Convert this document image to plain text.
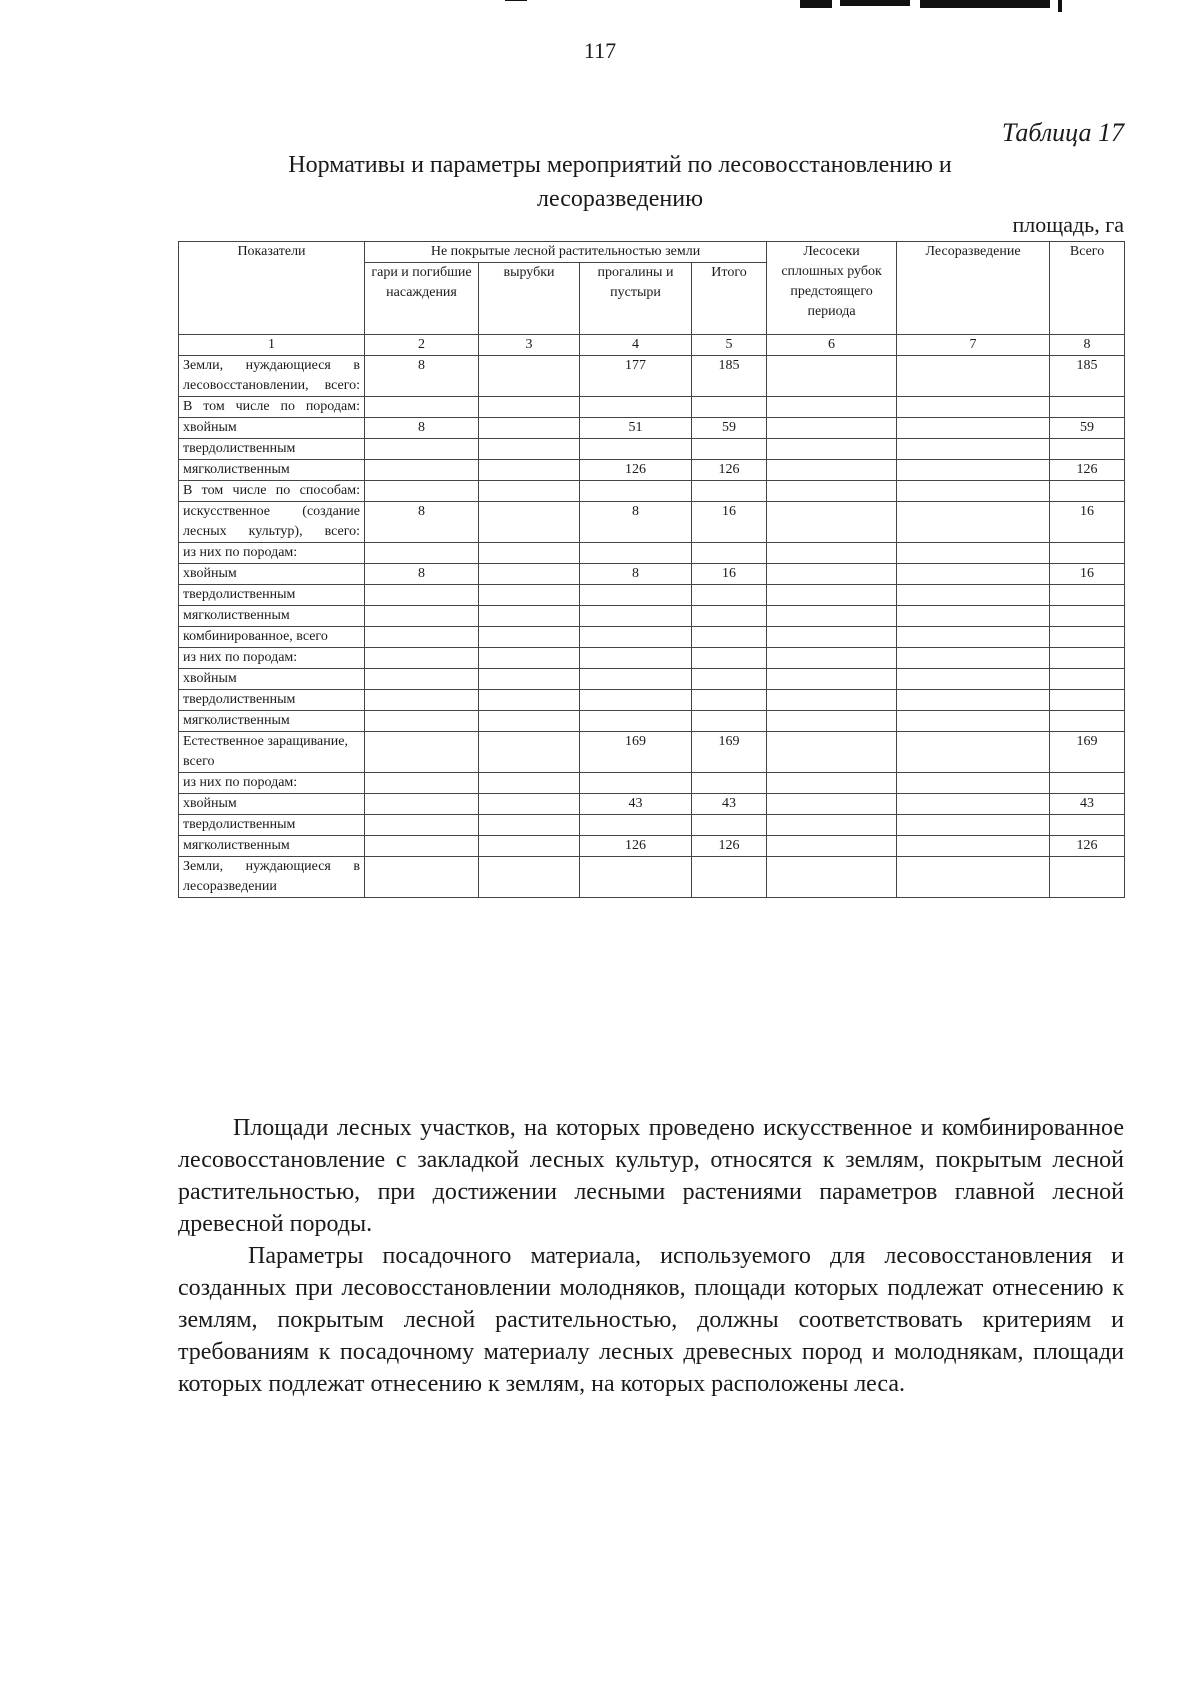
117
Таблица 17
Нормативы и параметры мероприятий по лесовосстановлению и лесоразведению
площадь, га
Показатели	Не покрытые лесной растительностью земли				Лесосеки сплошных рубок предстоящего периода	Лесоразведение	Всего
	гари и погибшие насаждения	вырубки	прогалины и пустыри	Итого			
1	2	3	4	5	6	7	8
Земли, нуждающиеся в лесовосстановлении, всего:	8		177	185			185
В том числе по породам:							
хвойным	8		51	59			59
твердолиственным							
мягколиственным			126	126			126
В том числе по способам:							
искусственное (создание лесных культур), всего:	8		8	16			16
из них по породам:							
хвойным	8		8	16			16
твердолиственным							
мягколиственным							
комбинированное, всего							
из них по породам:							
хвойным							
твердолиственным							
мягколиственным							
Естественное заращивание, всего			169	169			169
из них по породам:							
хвойным			43	43			43
твердолиственным							
мягколиственным			126	126			126
Земли, нуждающиеся в лесоразведении							

Площади лесных участков, на которых проведено искусственное и комбинированное лесовосстановление с закладкой лесных культур, относятся к землям, покрытым лесной растительностью, при достижении лесными растениями параметров главной лесной древесной породы.

Параметры посадочного материала, используемого для лесовосстановления и созданных при лесовосстановлении молодняков, площади которых подлежат отнесению к землям, покрытым лесной растительностью, должны соответствовать критериям и требованиям к посадочному материалу лесных древесных пород и молоднякам, площади которых подлежат отнесению к землям, на которых расположены леса.
